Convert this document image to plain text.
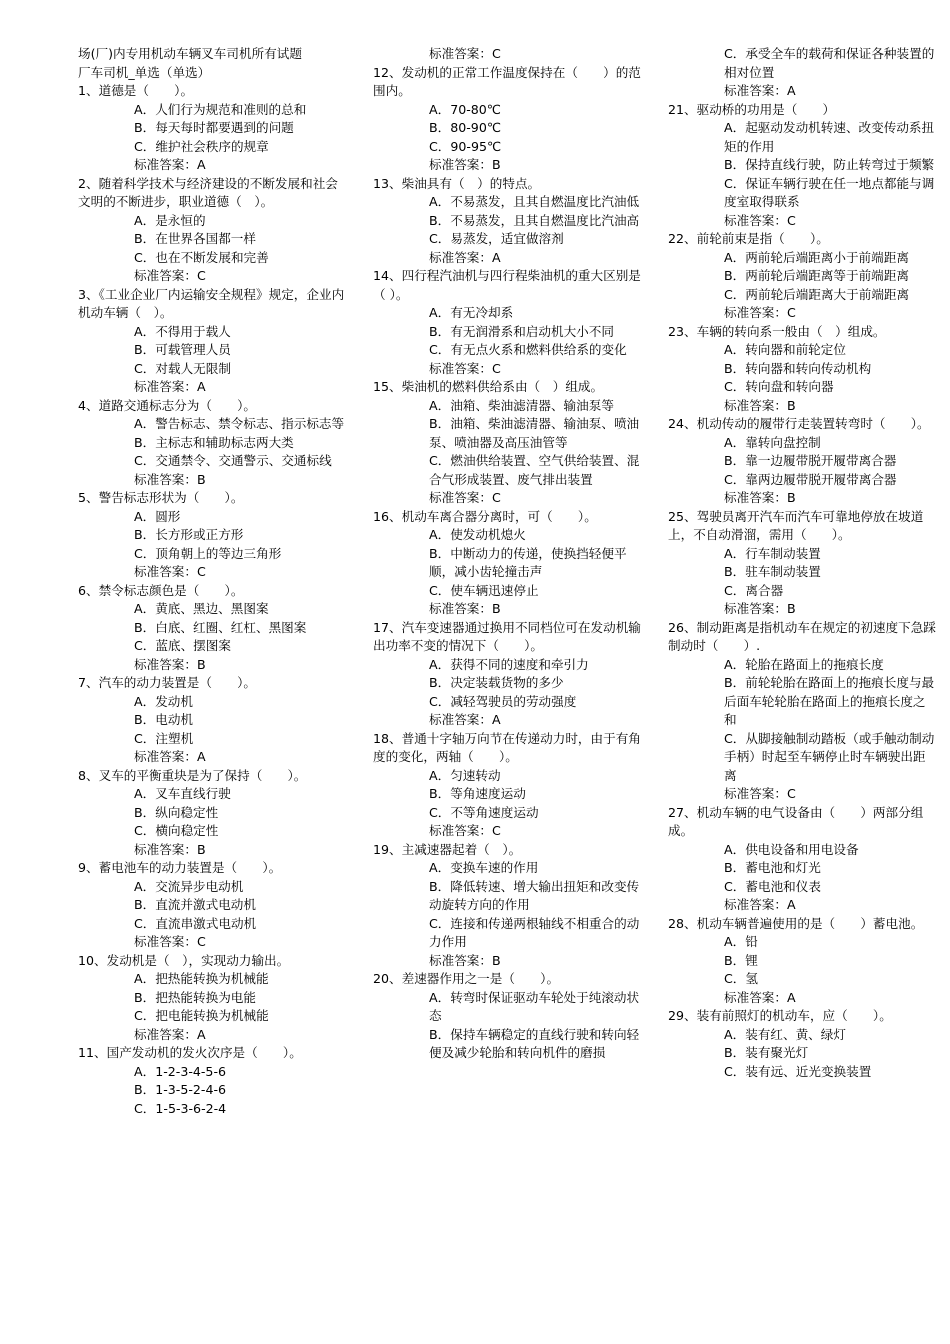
场(厂)内专用机动车辆叉车司机所有试题
厂车司机_单选（单选）
1、道德是（　　）。
A．人们行为规范和准则的总和
B．每天每时都要遇到的问题
C．维护社会秩序的规章
标准答案：A
2、随着科学技术与经济建设的不断发展和社会文明的不断进步，职业道德（　）。
A．是永恒的
B．在世界各国都一样
C．也在不断发展和完善
标准答案：C
3、《工业企业厂内运输安全规程》规定，企业内机动车辆（　）。
A．不得用于载人
B．可载管理人员
C．对载人无限制
标准答案：A
4、道路交通标志分为（　　）。
A．警告标志、禁令标志、指示标志等
B．主标志和辅助标志两大类
C．交通禁令、交通警示、交通标线
标准答案：B
5、警告标志形状为（　　）。
A．圆形
B．长方形或正方形
C．顶角朝上的等边三角形
标准答案：C
6、禁令标志颜色是（　　）。
A．黄底、黑边、黑图案
B．白底、红圈、红杠、黑图案
C．蓝底、摆图案
标准答案：B
7、汽车的动力装置是（　　）。
A．发动机
B．电动机
C．注塑机
标准答案：A
8、叉车的平衡重块是为了保持（　　）。
A．叉车直线行驶
B．纵向稳定性
C．横向稳定性
标准答案：B
9、蓄电池车的动力装置是（　　）。
A．交流异步电动机
B．直流并激式电动机
C．直流串激式电动机
标准答案：C
10、发动机是（　），实现动力输出。
A．把热能转换为机械能
B．把热能转换为电能
C．把电能转换为机械能
标准答案：A
11、国产发动机的发火次序是（　　）。
A．1-2-3-4-5-6
B．1-3-5-2-4-6
C．1-5-3-6-2-4
标准答案：C
12、发动机的正常工作温度保持在（　　）的范围内。
A．70-80℃
B．80-90℃
C．90-95℃
标准答案：B
13、柴油具有（　）的特点。
A．不易蒸发，且其自燃温度比汽油低
B．不易蒸发，且其自燃温度比汽油高
C．易蒸发，适宜做溶剂
标准答案：A
14、四行程汽油机与四行程柴油机的重大区别是（ ）。
A．有无冷却系
B．有无润滑系和启动机大小不同
C．有无点火系和燃料供给系的变化
标准答案：C
15、柴油机的燃料供给系由（　）组成。
A．油箱、柴油滤清器、输油泵等
B．油箱、柴油滤清器、输油泵、喷油泵、喷油器及高压油管等
C．燃油供给装置、空气供给装置、混合气形成装置、废气排出装置
标准答案：C
16、机动车离合器分离时，可（　　）。
A．使发动机熄火
B．中断动力的传递，使换挡轻便平顺，减小齿轮撞击声
C．使车辆迅速停止
标准答案：B
17、汽车变速器通过换用不同档位可在发动机输出功率不变的情况下（　　）。
A．获得不同的速度和牵引力
B．决定装载货物的多少
C．减轻驾驶员的劳动强度
标准答案：A
18、普通十字轴万向节在传递动力时，由于有角度的变化，两轴（　　）。
A．匀速转动
B．等角速度运动
C．不等角速度运动
标准答案：C
19、主减速器起着（　）。
A．变换车速的作用
B．降低转速、增大输出扭矩和改变传动旋转方向的作用
C．连接和传递两根轴线不相重合的动力作用
标准答案：B
20、差速器作用之一是（　　）。
A．转弯时保证驱动车轮处于纯滚动状态
B．保持车辆稳定的直线行驶和转向轻便及减少轮胎和转向机件的磨损
C．承受全车的载荷和保证各种装置的相对位置
标准答案：A
21、驱动桥的功用是（　　）
A．起驱动发动机转速、改变传动系扭矩的作用
B．保持直线行驶，防止转弯过于频繁
C．保证车辆行驶在任一地点都能与调度室取得联系
标准答案：C
22、前轮前束是指（　　）。
A．两前轮后端距离小于前端距离
B．两前轮后端距离等于前端距离
C．两前轮后端距离大于前端距离
标准答案：C
23、车辆的转向系一般由（　）组成。
A．转向器和前轮定位
B．转向器和转向传动机构
C．转向盘和转向器
标准答案：B
24、机动传动的履带行走装置转弯时（　　）。
A．靠转向盘控制
B．靠一边履带脱开履带离合器
C．靠两边履带脱开履带离合器
标准答案：B
25、驾驶员离开汽车而汽车可靠地停放在坡道上，不自动滑溜，需用（　　）。
A．行车制动装置
B．驻车制动装置
C．离合器
标准答案：B
26、制动距离是指机动车在规定的初速度下急踩制动时（　　）.
A．轮胎在路面上的拖痕长度
B．前轮轮胎在路面上的拖痕长度与最后面车轮轮胎在路面上的拖痕长度之和
C．从脚接触制动踏板（或手触动制动手柄）时起至车辆停止时车辆驶出距离
标准答案：C
27、机动车辆的电气设备由（　　）两部分组成。
A．供电设备和用电设备
B．蓄电池和灯光
C．蓄电池和仪表
标准答案：A
28、机动车辆普遍使用的是（　　）蓄电池。
A．铅
B．锂
C．氢
标准答案：A
29、装有前照灯的机动车，应（　　）。
A．装有红、黄、绿灯
B．装有聚光灯
C．装有远、近光变换装置
